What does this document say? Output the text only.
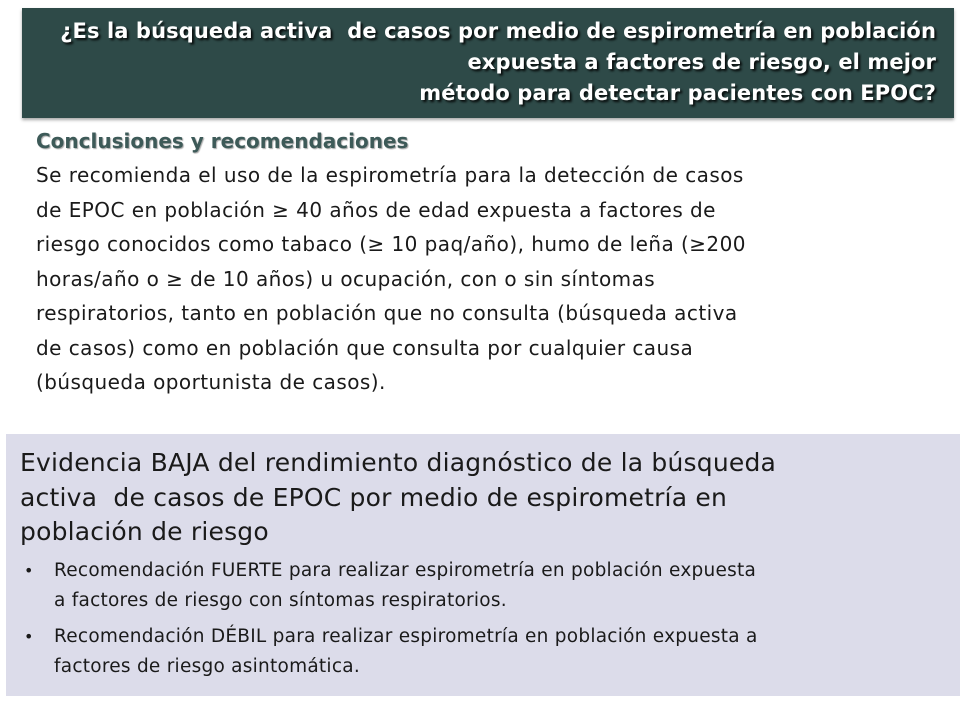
¿Es la búsqueda activa  de casos por medio de espirometría en población
expuesta a factores de riesgo, el mejor
método para detectar pacientes con EPOC?
Conclusiones y recomendaciones

Se recomienda el uso de la espirometría para la detección de casos
de EPOC en población ≥ 40 años de edad expuesta a factores de
riesgo conocidos como tabaco (≥ 10 paq/año), humo de leña (≥200
horas/año o ≥ de 10 años) u ocupación, con o sin síntomas
respiratorios, tanto en población que no consulta (búsqueda activa
de casos) como en población que consulta por cualquier causa
(búsqueda oportunista de casos).

Evidencia BAJA del rendimiento diagnóstico de la búsqueda
activa  de casos de EPOC por medio de espirometría en
población de riesgo

• Recomendación FUERTE para realizar espirometría en población expuesta
a factores de riesgo con síntomas respiratorios.
• Recomendación DÉBIL para realizar espirometría en población expuesta a
factores de riesgo asintomática.
